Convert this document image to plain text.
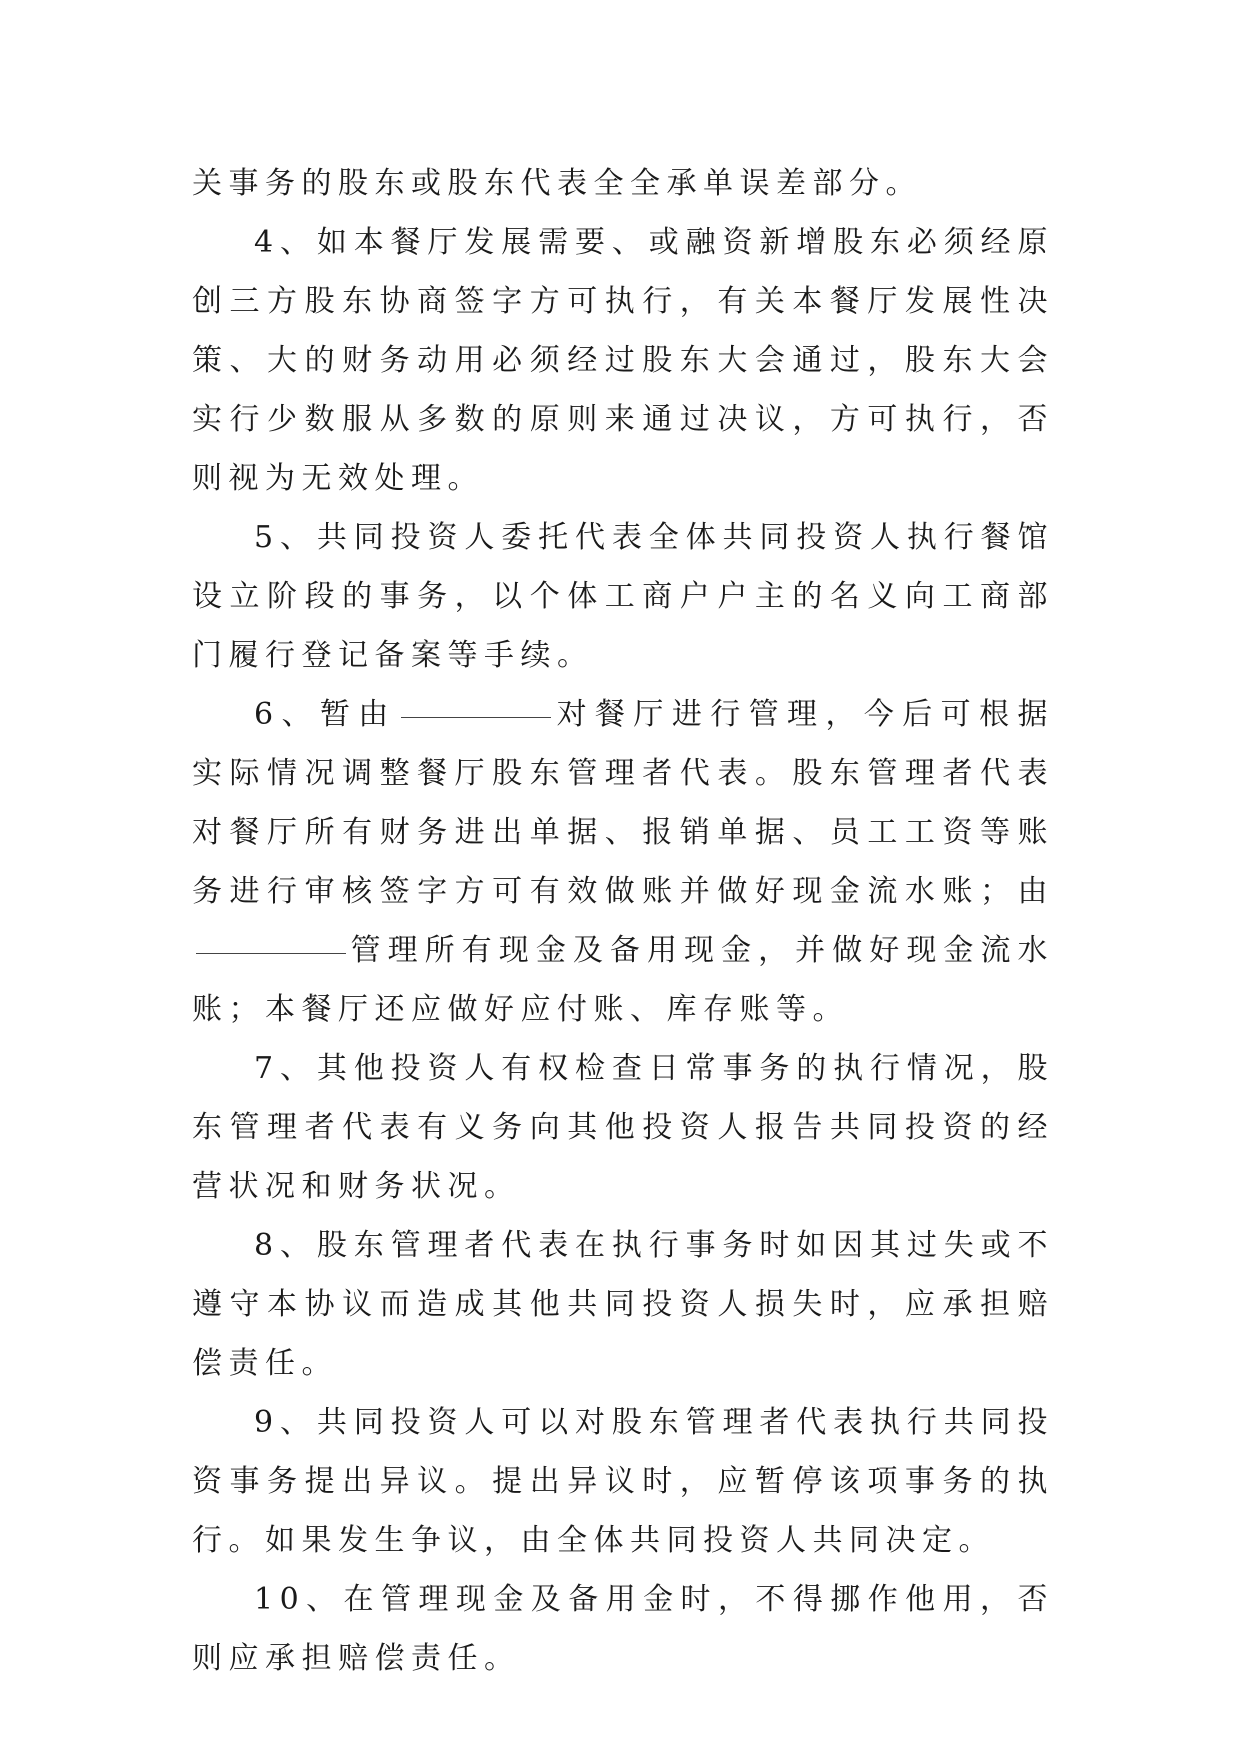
关事务的股东或股东代表全全承单误差部分。

4、如本餐厅发展需要、或融资新增股东必须经原创三方股东协商签字方可执行，有关本餐厅发展性决策、大的财务动用必须经过股东大会通过，股东大会实行少数服从多数的原则来通过决议，方可执行，否则视为无效处理。

5、共同投资人委托代表全体共同投资人执行餐馆设立阶段的事务，以个体工商户户主的名义向工商部门履行登记备案等手续。

6、暂由	对餐厅进行管理，今后可根据实际情况调整餐厅股东管理者代表。股东管理者代表对餐厅所有财务进出单据、报销单据、员工工资等账务进行审核签字方可有效做账并做好现金流水账；由管理所有现金及备用现金，并做好现金流水账；本餐厅还应做好应付账、库存账等。

7、其他投资人有权检查日常事务的执行情况，股东管理者代表有义务向其他投资人报告共同投资的经营状况和财务状况。

8、股东管理者代表在执行事务时如因其过失或不遵守本协议而造成其他共同投资人损失时，应承担赔偿责任。

9、共同投资人可以对股东管理者代表执行共同投资事务提出异议。提出异议时，应暂停该项事务的执行。如果发生争议，由全体共同投资人共同决定。

10、在管理现金及备用金时，不得挪作他用，否则应承担赔偿责任。
